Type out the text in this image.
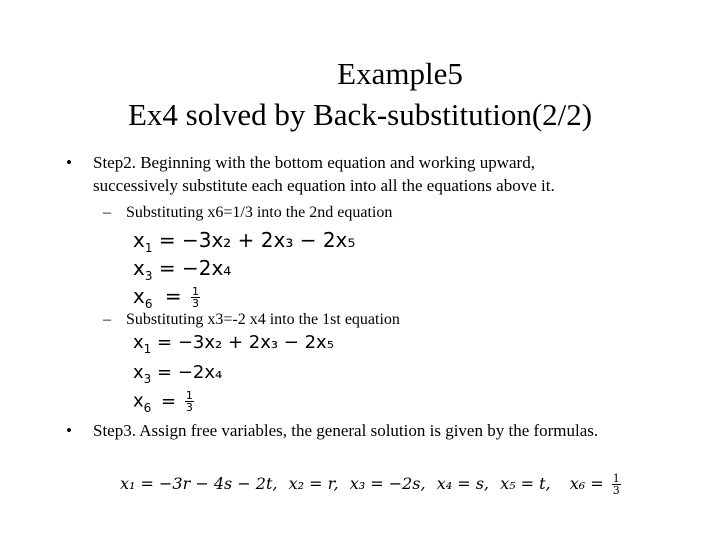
Example5
Ex4 solved by Back-substitution(2/2)
• Step2. Beginning with the bottom equation and working upward,
successively substitute each equation into all the equations above it.
– Substituting x6=1/3 into the 2nd equation
$x_1 = -3x_2 + 2x_3 - 2x_5$
$x_3 = -2x_4$
$x_6 = \frac{1}{3}$
– Substituting x3=-2 x4 into the 1st equation
$x_1 = -3x_2 + 2x_3 - 2x_5$
$x_3 = -2x_4$
$x_6 = \frac{1}{3}$
• Step3. Assign free variables, the general solution is given by the formulas.
x₁ = −3r − 4s − 2t, x₂ = r, x₃ = −2s, x₄ = s, x₅ = t, $x_6 = \frac{1}{3}$
